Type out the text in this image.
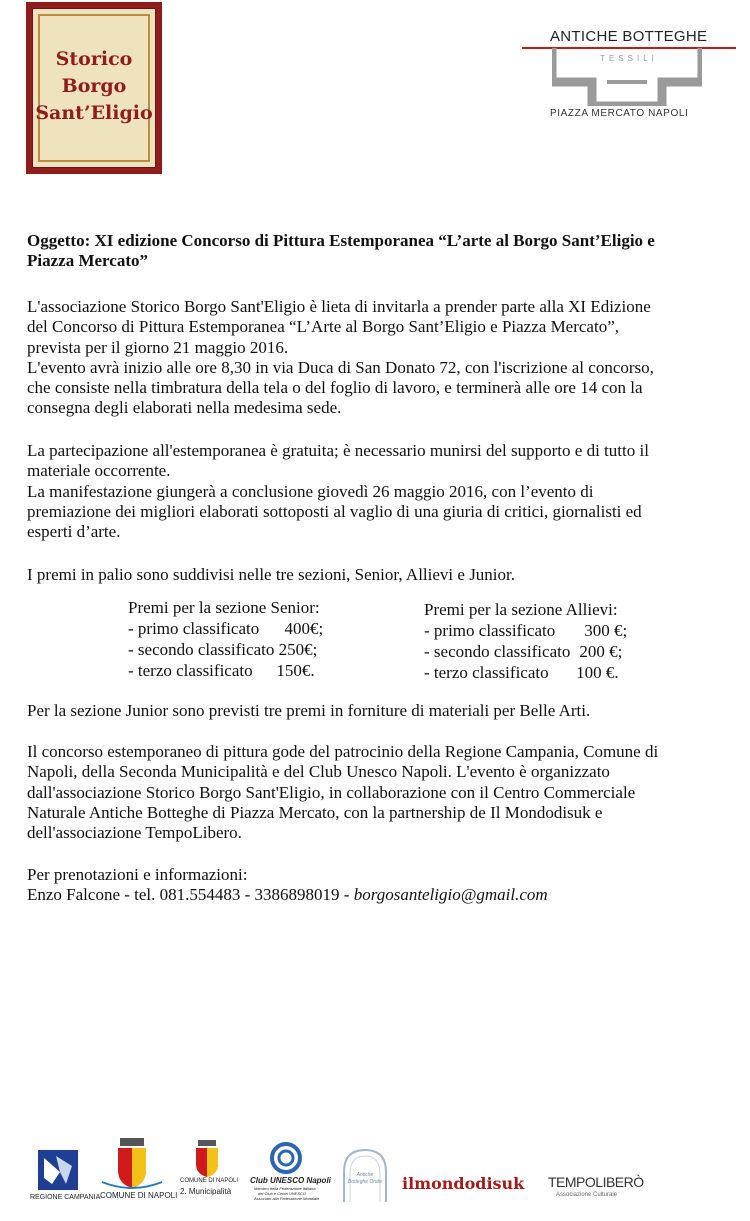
Storico
Borgo
Sant’Eligio
ANTICHE BOTTEGHE
TESSILI
PIAZZA MERCATO NAPOLI
Oggetto: XI edizione Concorso di Pittura Estemporanea “L’arte al Borgo Sant’Eligio e
Piazza Mercato”
L'associazione Storico Borgo Sant'Eligio è lieta di invitarla a prender parte alla XI Edizione
del Concorso di Pittura Estemporanea “L’Arte al Borgo Sant’Eligio e Piazza Mercato”,
prevista per il giorno 21 maggio 2016.
L'evento avrà inizio alle ore 8,30 in via Duca di San Donato 72, con l'iscrizione al concorso,
che consiste nella timbratura della tela o del foglio di lavoro, e terminerà alle ore 14 con la
consegna degli elaborati nella medesima sede.
La partecipazione all'estemporanea è gratuita; è necessario munirsi del supporto e di tutto il
materiale occorrente.
La manifestazione giungerà a conclusione giovedì 26 maggio 2016, con l’evento di
premiazione dei migliori elaborati sottoposti al vaglio di una giuria di critici, giornalisti ed
esperti d’arte.
I premi in palio sono suddivisi nelle tre sezioni, Senior, Allievi e Junior.
Premi per la sezione Senior:
- primo classificato 400€;
- secondo classificato 250€;
- terzo classificato 150€.
Premi per la sezione Allievi:
- primo classificato 300 €;
- secondo classificato 200 €;
- terzo classificato 100 €.
Per la sezione Junior sono previsti tre premi in forniture di materiali per Belle Arti.
Il concorso estemporaneo di pittura gode del patrocinio della Regione Campania, Comune di
Napoli, della Seconda Municipalità e del Club Unesco Napoli. L'evento è organizzato
dall'associazione Storico Borgo Sant'Eligio, in collaborazione con il Centro Commerciale
Naturale Antiche Botteghe di Piazza Mercato, con la partnership de Il Mondodisuk e
dell'associazione TempoLibero.
Per prenotazioni e informazioni:
Enzo Falcone - tel. 081.554483 - 3386898019 - borgosanteligio@gmail.com
REGIONE CAMPANIA COMUNE DI NAPOLI
COMUNE DI NAPOLI
2. Municipalità
Club UNESCO Napoli
Membro della Federazione Italiana
dei Club e Centri UNESCO
Associato alla Federazione Mondiale
Antiche Botteghe Orafe ilmondodisuk TEMPOLIBERÒ
Associazione Culturale
